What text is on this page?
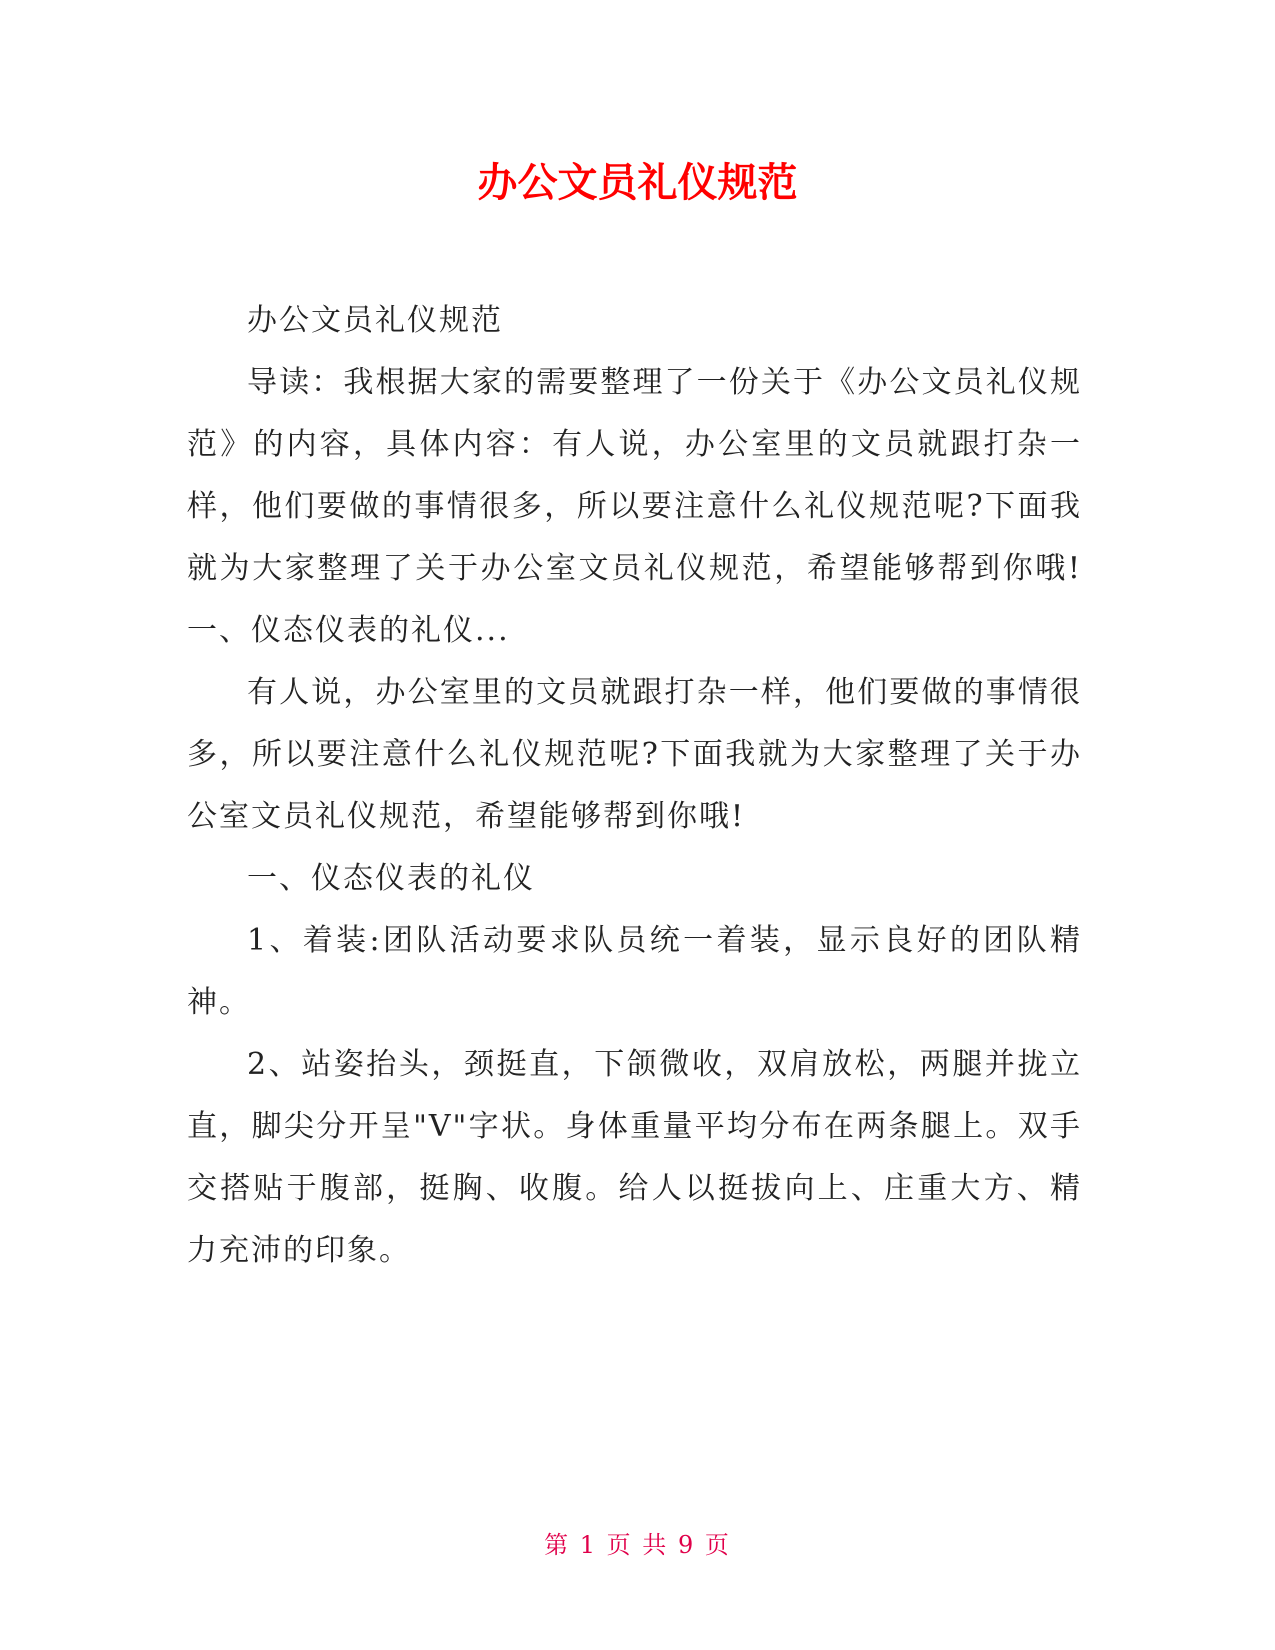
办公文员礼仪规范

办公文员礼仪规范

导读：我根据大家的需要整理了一份关于《办公文员礼仪规范》的内容，具体内容：有人说，办公室里的文员就跟打杂一样，他们要做的事情很多，所以要注意什么礼仪规范呢?下面我就为大家整理了关于办公室文员礼仪规范，希望能够帮到你哦!一、仪态仪表的礼仪...

有人说，办公室里的文员就跟打杂一样，他们要做的事情很多，所以要注意什么礼仪规范呢?下面我就为大家整理了关于办公室文员礼仪规范，希望能够帮到你哦!

一、仪态仪表的礼仪

1、着装:团队活动要求队员统一着装，显示良好的团队精神。

2、站姿抬头，颈挺直，下颌微收，双肩放松，两腿并拢立直，脚尖分开呈"V"字状。身体重量平均分布在两条腿上。双手交搭贴于腹部，挺胸、收腹。给人以挺拔向上、庄重大方、精力充沛的印象。

第 1 页 共 9 页
